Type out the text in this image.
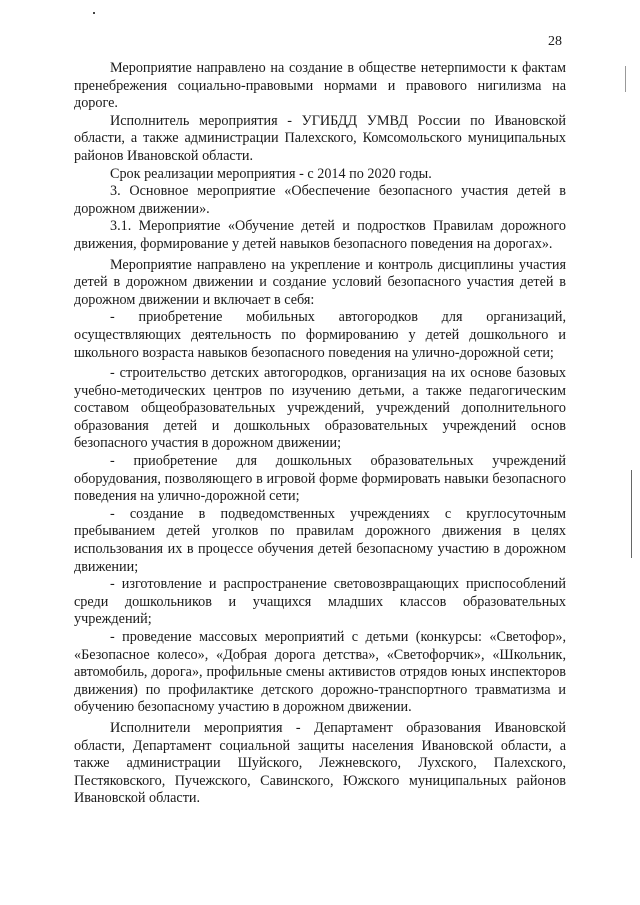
28

Мероприятие направлено на создание в обществе нетерпимости к фактам пренебрежения социально-правовыми нормами и правового нигилизма на дороге.

Исполнитель мероприятия - УГИБДД УМВД России по Ивановской области, а также администрации Палехского, Комсомольского муниципальных районов Ивановской области.

Срок реализации мероприятия - с 2014 по 2020 годы.

3. Основное мероприятие «Обеспечение безопасного участия детей в дорожном движении».

3.1. Мероприятие «Обучение детей и подростков Правилам дорожного движения, формирование у детей навыков безопасного поведения на дорогах».

Мероприятие направлено на укрепление и контроль дисциплины участия детей в дорожном движении и создание условий безопасного участия детей в дорожном движении и включает в себя:

- приобретение мобильных автогородков для организаций, осуществляющих деятельность по формированию у детей дошкольного и школьного возраста навыков безопасного поведения на улично-дорожной сети;

- строительство детских автогородков, организация на их основе базовых учебно-методических центров по изучению детьми, а также педагогическим составом общеобразовательных учреждений, учреждений дополнительного образования детей и дошкольных образовательных учреждений основ безопасного участия в дорожном движении;

- приобретение для дошкольных образовательных учреждений оборудования, позволяющего в игровой форме формировать навыки безопасного поведения на улично-дорожной сети;

- создание в подведомственных учреждениях с круглосуточным пребыванием детей уголков по правилам дорожного движения в целях использования их в процессе обучения детей безопасному участию в дорожном движении;

- изготовление и распространение световозвращающих приспособлений среди дошкольников и учащихся младших классов образовательных учреждений;

- проведение массовых мероприятий с детьми (конкурсы: «Светофор», «Безопасное колесо», «Добрая дорога детства», «Светофорчик», «Школьник, автомобиль, дорога», профильные смены активистов отрядов юных инспекторов движения) по профилактике детского дорожно-транспортного травматизма и обучению безопасному участию в дорожном движении.

Исполнители мероприятия - Департамент образования Ивановской области, Департамент социальной защиты населения Ивановской области, а также администрации Шуйского, Лежневского, Лухского, Палехского, Пестяковского, Пучежского, Савинского, Южского муниципальных районов Ивановской области.
